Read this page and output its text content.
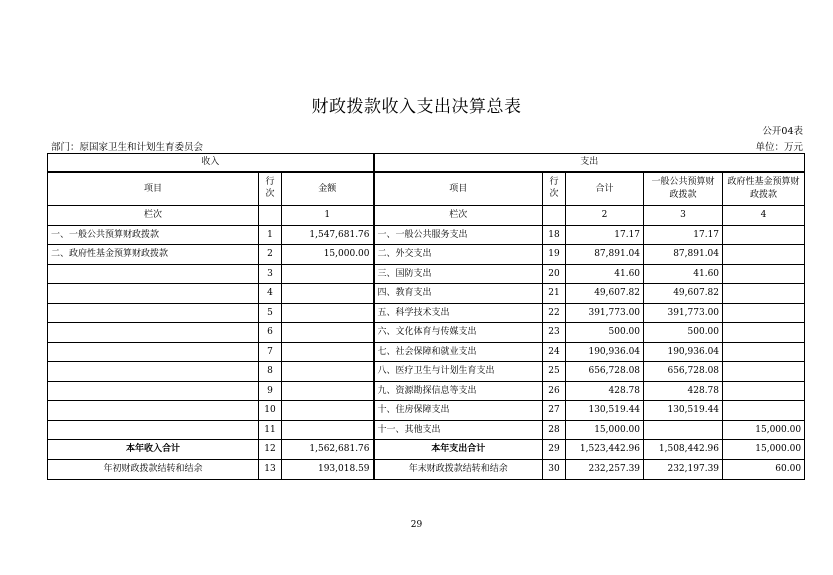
财政拨款收入支出决算总表
公开04表
部门：原国家卫生和计划生育委员会	单位：万元
收入			支出				
项目	行次	金额	项目	行次	合计	一般公共预算财政拨款	政府性基金预算财政拨款
栏次		1	栏次		2	3	4
一、一般公共预算财政拨款	1	1,547,681.76	一、一般公共服务支出	18	17.17	17.17	
二、政府性基金预算财政拨款	2	15,000.00	二、外交支出	19	87,891.04	87,891.04	
	3		三、国防支出	20	41.60	41.60	
	4		四、教育支出	21	49,607.82	49,607.82	
	5		五、科学技术支出	22	391,773.00	391,773.00	
	6		六、文化体育与传媒支出	23	500.00	500.00	
	7		七、社会保障和就业支出	24	190,936.04	190,936.04	
	8		八、医疗卫生与计划生育支出	25	656,728.08	656,728.08	
	9		九、资源勘探信息等支出	26	428.78	428.78	
	10		十、住房保障支出	27	130,519.44	130,519.44	
	11		十一、其他支出	28	15,000.00		15,000.00
本年收入合计	12	1,562,681.76	本年支出合计	29	1,523,442.96	1,508,442.96	15,000.00
年初财政拨款结转和结余	13	193,018.59	年末财政拨款结转和结余	30	232,257.39	232,197.39	60.00
29
